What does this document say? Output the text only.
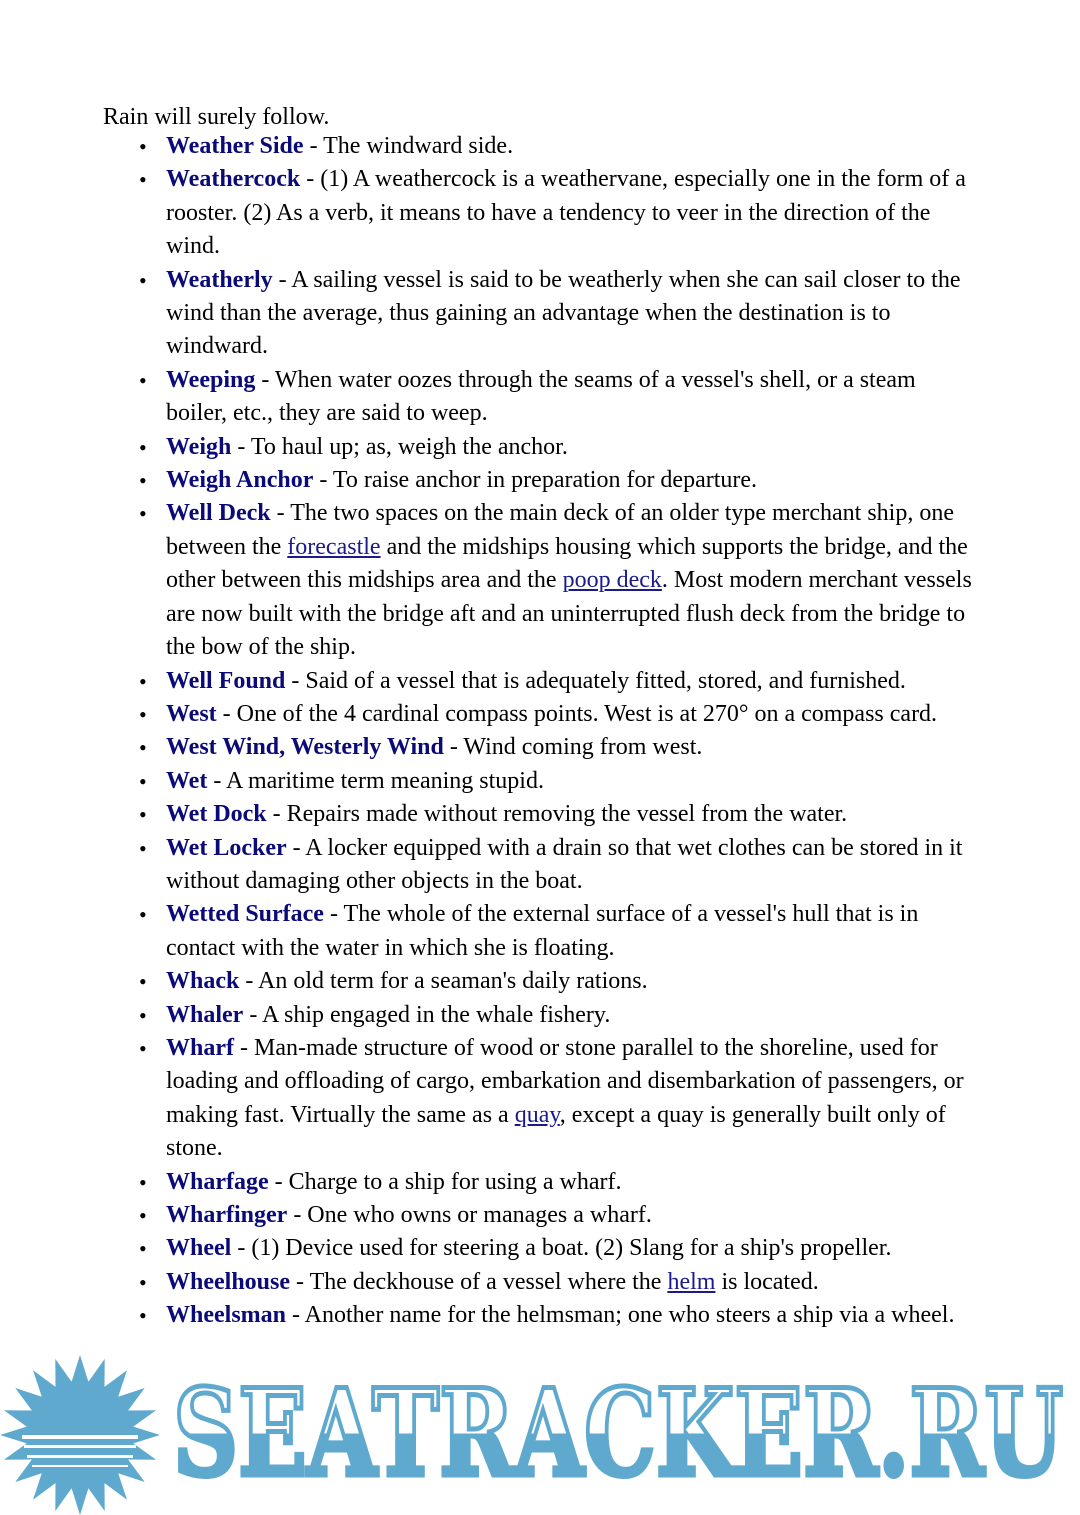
Rain will surely follow.
• Weather Side - The windward side.
• Weathercock - (1) A weathercock is a weathervane, especially one in the form of a rooster. (2) As a verb, it means to have a tendency to veer in the direction of the wind.
• Weatherly - A sailing vessel is said to be weatherly when she can sail closer to the wind than the average, thus gaining an advantage when the destination is to windward.
• Weeping - When water oozes through the seams of a vessel's shell, or a steam boiler, etc., they are said to weep.
• Weigh - To haul up; as, weigh the anchor.
• Weigh Anchor - To raise anchor in preparation for departure.
• Well Deck - The two spaces on the main deck of an older type merchant ship, one between the forecastle and the midships housing which supports the bridge, and the other between this midships area and the poop deck. Most modern merchant vessels are now built with the bridge aft and an uninterrupted flush deck from the bridge to the bow of the ship.
• Well Found - Said of a vessel that is adequately fitted, stored, and furnished.
• West - One of the 4 cardinal compass points. West is at 270° on a compass card.
• West Wind, Westerly Wind - Wind coming from west.
• Wet - A maritime term meaning stupid.
• Wet Dock - Repairs made without removing the vessel from the water.
• Wet Locker - A locker equipped with a drain so that wet clothes can be stored in it without damaging other objects in the boat.
• Wetted Surface - The whole of the external surface of a vessel's hull that is in contact with the water in which she is floating.
• Whack - An old term for a seaman's daily rations.
• Whaler - A ship engaged in the whale fishery.
• Wharf - Man-made structure of wood or stone parallel to the shoreline, used for loading and offloading of cargo, embarkation and disembarkation of passengers, or making fast. Virtually the same as a quay, except a quay is generally built only of stone.
• Wharfage - Charge to a ship for using a wharf.
• Wharfinger - One who owns or manages a wharf.
• Wheel - (1) Device used for steering a boat. (2) Slang for a ship's propeller.
• Wheelhouse - The deckhouse of a vessel where the helm is located.
• Wheelsman - Another name for the helmsman; one who steers a ship via a wheel.
SEATRACKER.RU
